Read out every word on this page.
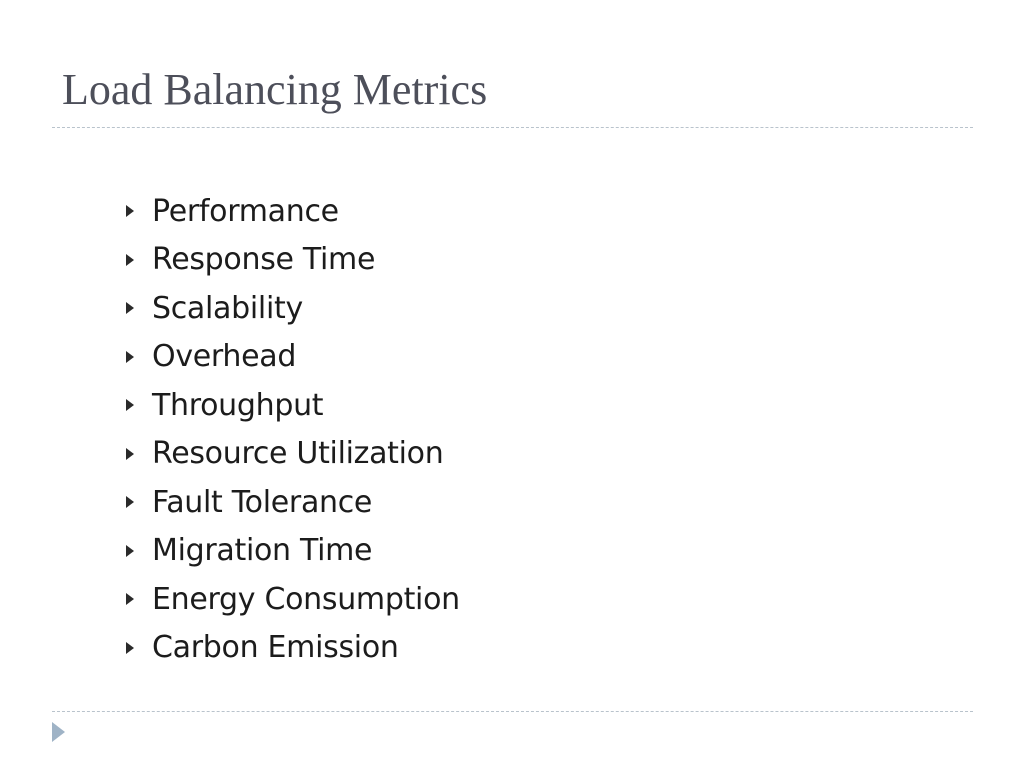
Load Balancing Metrics
Performance
Response Time
Scalability
Overhead
Throughput
Resource Utilization
Fault Tolerance
Migration Time
Energy Consumption
Carbon Emission
